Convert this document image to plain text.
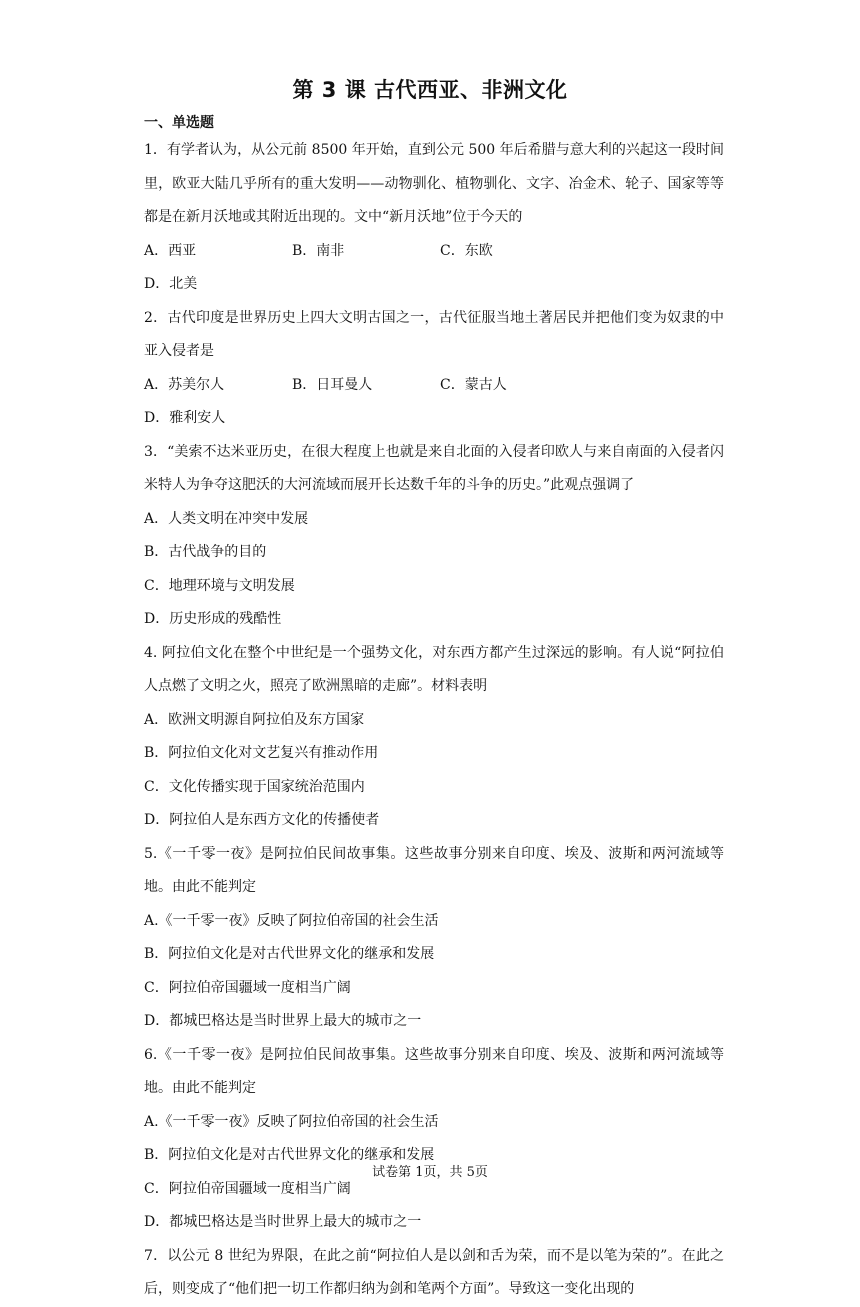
第 3 课 古代西亚、非洲文化
一、单选题
1．有学者认为，从公元前 8500 年开始，直到公元 500 年后希腊与意大利的兴起这一段时间里，欧亚大陆几乎所有的重大发明——动物驯化、植物驯化、文字、冶金术、轮子、国家等等都是在新月沃地或其附近出现的。文中“新月沃地”位于今天的
A．西亚	B．南非	C．东欧
D．北美
2．古代印度是世界历史上四大文明古国之一，古代征服当地土著居民并把他们变为奴隶的中亚入侵者是
A．苏美尔人	B．日耳曼人	C．蒙古人
D．雅利安人
3．“美索不达米亚历史，在很大程度上也就是来自北面的入侵者印欧人与来自南面的入侵者闪米特人为争夺这肥沃的大河流域而展开长达数千年的斗争的历史。”此观点强调了
A．人类文明在冲突中发展
B．古代战争的目的
C．地理环境与文明发展
D．历史形成的残酷性
4. 阿拉伯文化在整个中世纪是一个强势文化，对东西方都产生过深远的影响。有人说“阿拉伯人点燃了文明之火，照亮了欧洲黑暗的走廊”。材料表明
A．欧洲文明源自阿拉伯及东方国家
B．阿拉伯文化对文艺复兴有推动作用
C．文化传播实现于国家统治范围内
D．阿拉伯人是东西方文化的传播使者
5.《一千零一夜》是阿拉伯民间故事集。这些故事分别来自印度、埃及、波斯和两河流域等地。由此不能判定
A.《一千零一夜》反映了阿拉伯帝国的社会生活
B．阿拉伯文化是对古代世界文化的继承和发展
C．阿拉伯帝国疆域一度相当广阔
D．都城巴格达是当时世界上最大的城市之一
6.《一千零一夜》是阿拉伯民间故事集。这些故事分别来自印度、埃及、波斯和两河流域等地。由此不能判定
A.《一千零一夜》反映了阿拉伯帝国的社会生活
B．阿拉伯文化是对古代世界文化的继承和发展
C．阿拉伯帝国疆域一度相当广阔
D．都城巴格达是当时世界上最大的城市之一
7．以公元 8 世纪为界限，在此之前“阿拉伯人是以剑和舌为荣，而不是以笔为荣的”。在此之后，则变成了“他们把一切工作都归纳为剑和笔两个方面”。导致这一变化出现的
试卷第 1页，共 5页
